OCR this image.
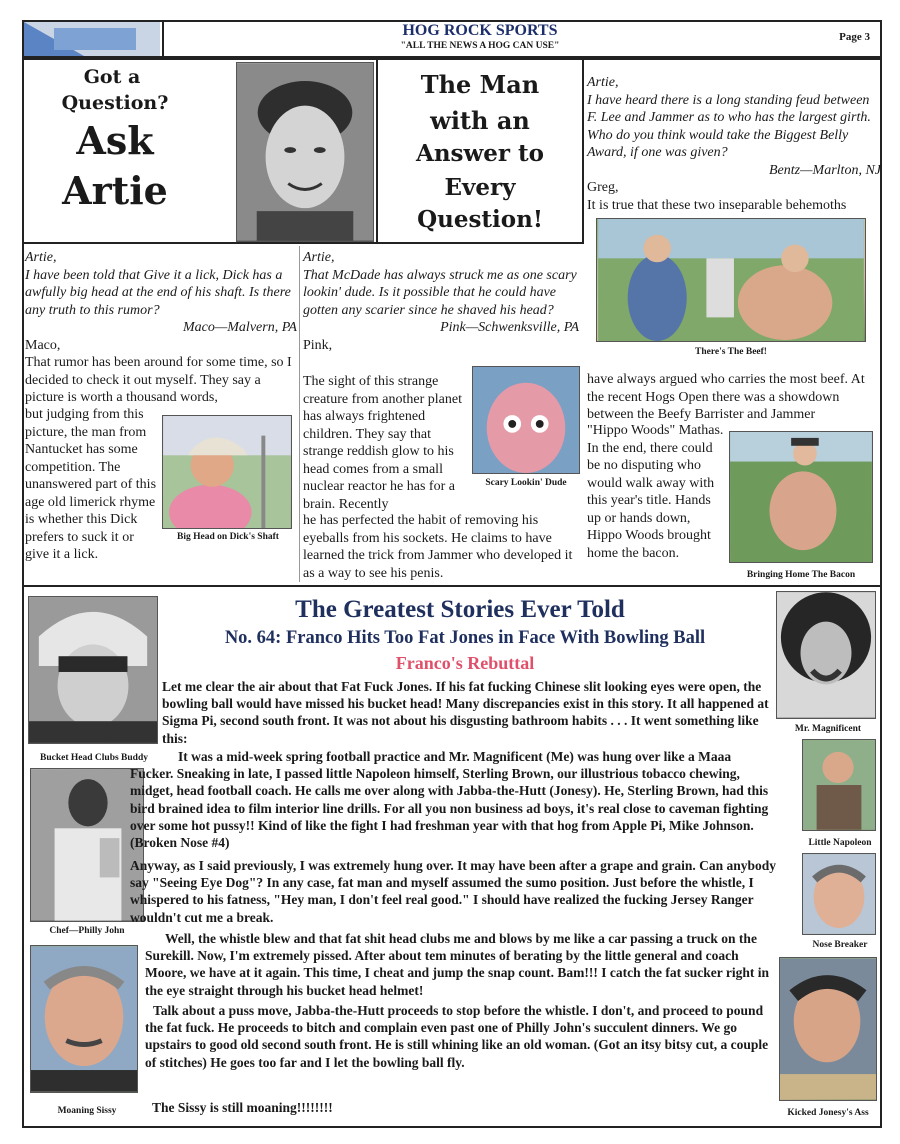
HOG ROCK SPORTS
"ALL THE NEWS A HOG CAN USE"
Page 3
Got a
Question?
Ask
Artie
The Man
with an
Answer to
Every
Question!

Artie,

I have heard there is a long standing feud between F. Lee and Jammer as to who has the largest girth. Who do you think would take the Biggest Belly Award, if one was given?

Bentz—Marlton, NJ

Greg,

It is true that these two inseparable behemoths

There's The Beef!
have always argued who carries the most beef. At the recent Hogs Open there was a showdown between the Beefy Barrister and Jammer
"Hippo Woods" Mathas. In the end, there could be no disputing who would walk away with this year's title. Hands up or hands down, Hippo Woods brought home the bacon.
Bringing Home The Bacon

Artie,

I have been told that Give it a lick, Dick has a awfully big head at the end of his shaft. Is there any truth to this rumor?

Maco—Malvern, PA

Maco,

That rumor has been around for some time, so I decided to check it out myself. They say a picture is worth a thousand words,

but judging from this picture, the man from Nantucket has some competition. The unanswered part of this age old limerick rhyme is whether this Dick prefers to suck it or give it a lick.
Big Head on Dick's Shaft

Artie,

That McDade has always struck me as one scary lookin' dude. Is it possible that he could have gotten any scarier since he shaved his head?

Pink—Schwenksville, PA

Pink,

The sight of this strange creature from another planet has always frightened children. They say that strange reddish glow to his head comes from a small nuclear reactor he has for a brain. Recently
Scary Lookin' Dude
he has perfected the habit of removing his eyeballs from his sockets. He claims to have learned the trick from Jammer who developed it as a way to see his penis.
The Greatest Stories Ever Told
No. 64: Franco Hits Too Fat Jones in Face With Bowling Ball
Franco's Rebuttal
Bucket Head Clubs Buddy
Chef—Philly John
Moaning Sissy
Mr. Magnificent
Little Napoleon
Nose Breaker
Kicked Jonesy's Ass
Let me clear the air about that Fat Fuck Jones. If his fat fucking Chinese slit looking eyes were open, the bowling ball would have missed his bucket head! Many discrepancies exist in this story. It all happened at Sigma Pi, second south front. It was not about his disgusting bathroom habits . . . It went something like this:
It was a mid-week spring football practice and Mr. Magnificent (Me) was hung over like a Maaa Fucker. Sneaking in late, I passed little Napoleon himself, Sterling Brown, our illustrious tobacco chewing, midget, head football coach. He calls me over along with Jabba-the-Hutt (Jonesy). He, Sterling Brown, had this bird brained idea to film interior line drills. For all you non business ad boys, it's real close to caveman fighting over some hot pussy!! Kind of like the fight I had freshman year with that hog from Apple Pi, Mike Johnson. (Broken Nose #4)
Anyway, as I said previously, I was extremely hung over. It may have been after a grape and grain. Can anybody say "Seeing Eye Dog"? In any case, fat man and myself assumed the sumo position. Just before the whistle, I whispered to his fatness, "Hey man, I don't feel real good." I should have realized the fucking Jersey Ranger wouldn't cut me a break.
Well, the whistle blew and that fat shit head clubs me and blows by me like a car passing a truck on the Surekill. Now, I'm extremely pissed. After about tem minutes of berating by the little general and coach Moore, we have at it again. This time, I cheat and jump the snap count. Bam!!! I catch the fat sucker right in the eye straight through his bucket head helmet!
Talk about a puss move, Jabba-the-Hutt proceeds to stop before the whistle. I don't, and proceed to pound the fat fuck. He proceeds to bitch and complain even past one of Philly John's succulent dinners. We go upstairs to good old second south front. He is still whining like an old woman. (Got an itsy bitsy cut, a couple of stitches) He goes too far and I let the bowling ball fly.
The Sissy is still moaning!!!!!!!!
